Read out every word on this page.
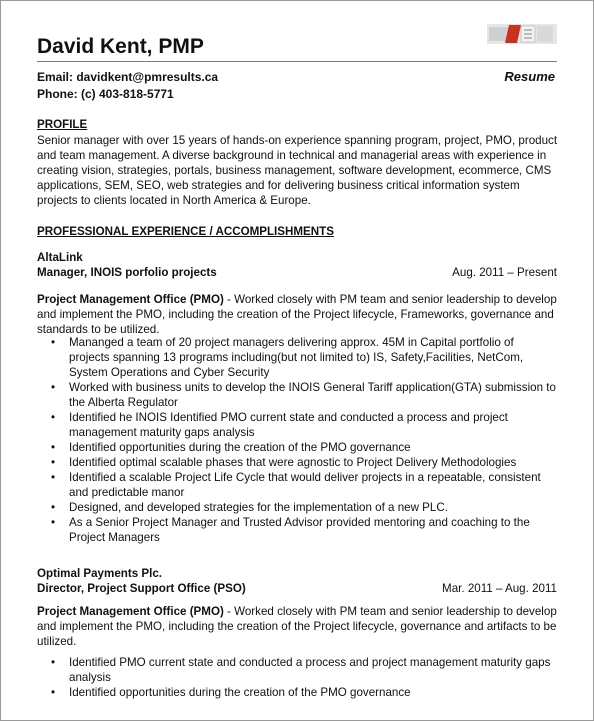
David Kent, PMP
Email: davidkent@pmresults.ca
Phone: (c) 403-818-5771
Resume
PROFILE
Senior manager with over 15 years of hands-on experience spanning program, project, PMO, product and team management. A diverse background in technical and managerial areas with experience in creating vision, strategies, portals, business management, software development, ecommerce, CMS applications, SEM, SEO, web strategies and for delivering business critical information system projects to clients located in North America & Europe.
PROFESSIONAL EXPERIENCE / ACCOMPLISHMENTS
AltaLink
Manager, INOIS porfolio projects	Aug. 2011 – Present
Project Management Office (PMO) - Worked closely with PM team and senior leadership to develop and implement the PMO, including the creation of the Project lifecycle, Frameworks, governance and standards to be utilized.
• Mananged a team of 20 project managers delivering approx. 45M in Capital portfolio of projects spanning 13 programs including(but not limited to) IS, Safety,Facilities, NetCom, System Operations and Cyber Security
• Worked with business units to develop the INOIS General Tariff application(GTA) submission to the Alberta Regulator
• Identified he INOIS Identified PMO current state and conducted a process and project management maturity gaps analysis
• Identified opportunities during the creation of the PMO governance
• Identified optimal scalable phases that were agnostic to Project Delivery Methodologies
• Identified a scalable Project Life Cycle that would deliver projects in a repeatable, consistent and predictable manor
• Designed, and developed strategies for the implementation of a new PLC.
• As a Senior Project Manager and Trusted Advisor provided mentoring and coaching to the Project Managers
Optimal Payments Plc.
Director, Project Support Office (PSO)	Mar. 2011 – Aug. 2011
Project Management Office (PMO) - Worked closely with PM team and senior leadership to develop and implement the PMO, including the creation of the Project lifecycle, governance and artifacts to be utilized.
• Identified PMO current state and conducted a process and project management maturity gaps analysis
• Identified opportunities during the creation of the PMO governance
